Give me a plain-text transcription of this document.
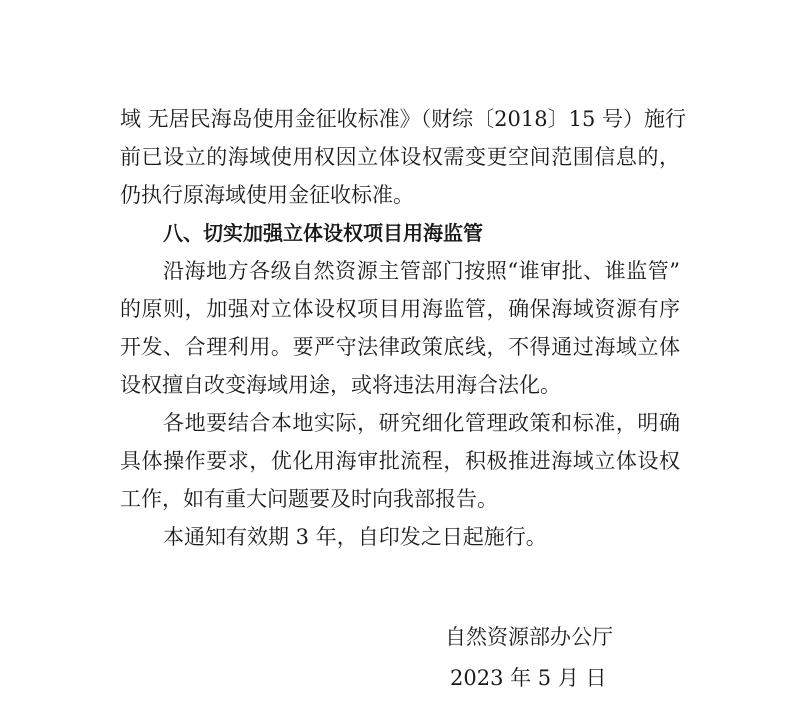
域 无居民海岛使用金征收标准》（财综〔2018〕15 号）施行
前已设立的海域使用权因立体设权需变更空间范围信息的，
仍执行原海域使用金征收标准。
八、切实加强立体设权项目用海监管
沿海地方各级自然资源主管部门按照“谁审批、谁监管”
的原则，加强对立体设权项目用海监管，确保海域资源有序
开发、合理利用。要严守法律政策底线，不得通过海域立体
设权擅自改变海域用途，或将违法用海合法化。
各地要结合本地实际，研究细化管理政策和标准，明确
具体操作要求，优化用海审批流程，积极推进海域立体设权
工作，如有重大问题要及时向我部报告。
本通知有效期 3 年，自印发之日起施行。
自然资源部办公厅
2023 年 5 月 日
